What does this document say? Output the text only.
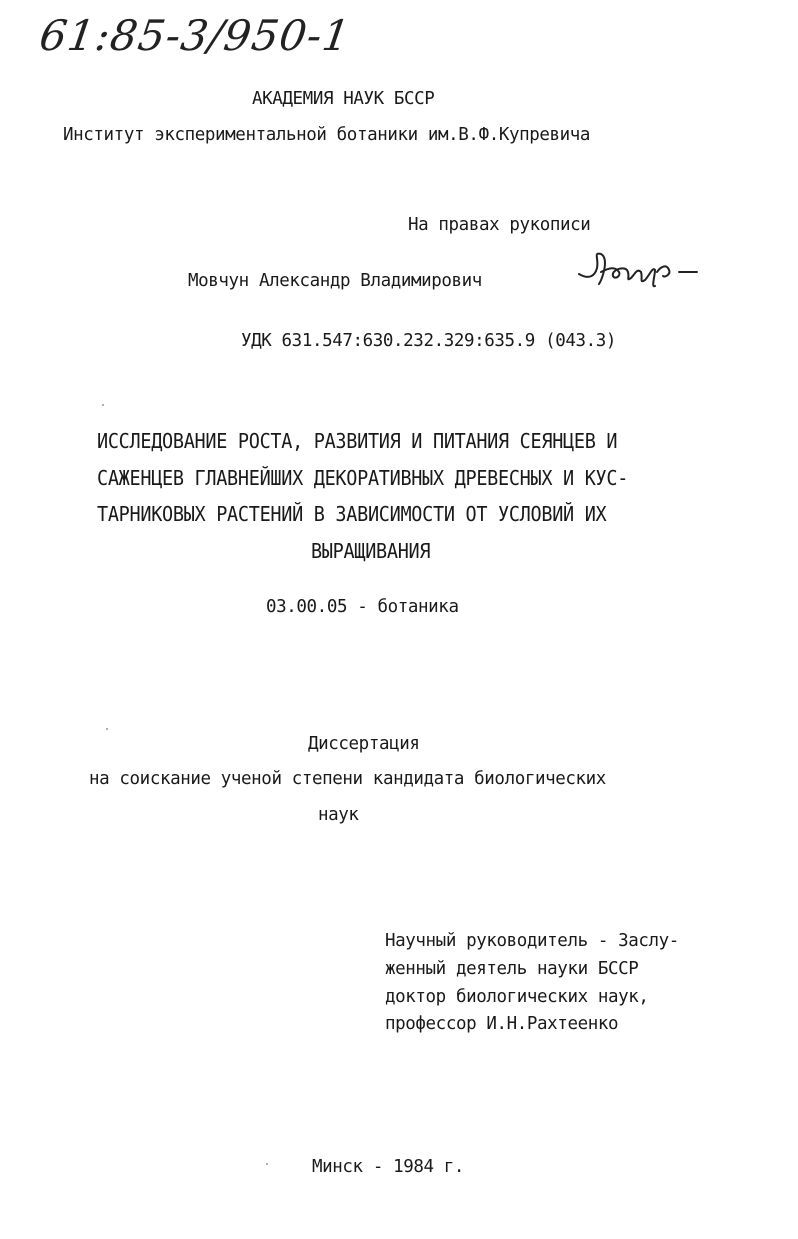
61:85-3/950-1
АКАДЕМИЯ НАУК БССР
Институт экспериментальной ботаники им.В.Ф.Купревича
На правах рукописи
Мовчун Александр Владимирович
УДК 631.547:630.232.329:635.9 (043.3)
ИССЛЕДОВАНИЕ РОСТА, РАЗВИТИЯ И ПИТАНИЯ СЕЯНЦЕВ И
САЖЕНЦЕВ ГЛАВНЕЙШИХ ДЕКОРАТИВНЫХ ДРЕВЕСНЫХ И КУС-
ТАРНИКОВЫХ РАСТЕНИЙ В ЗАВИСИМОСТИ ОТ УСЛОВИЙ ИХ
ВЫРАЩИВАНИЯ
03.00.05 - ботаника
Диссертация
на соискание ученой степени кандидата биологических
наук
Научный руководитель - Заслу-
женный деятель науки БССР
доктор биологических наук,
профессор И.Н.Рахтеенко
Минск - 1984 г.
